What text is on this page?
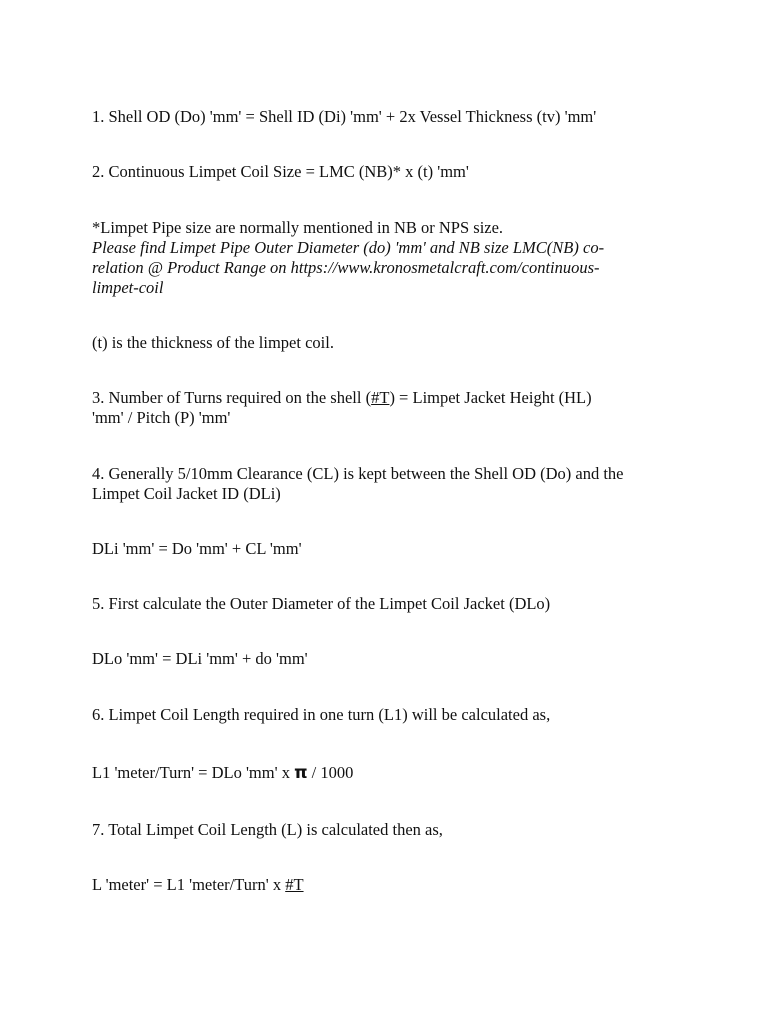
1. Shell OD (Do) 'mm' = Shell ID (Di) 'mm' + 2x Vessel Thickness (tv) 'mm'
2. Continuous Limpet Coil Size = LMC (NB)* x (t) 'mm'
*Limpet Pipe size are normally mentioned in NB or NPS size.
Please find Limpet Pipe Outer Diameter (do) 'mm' and NB size LMC(NB) co-
relation @ Product Range on https://www.kronosmetalcraft.com/continuous-
limpet-coil
(t) is the thickness of the limpet coil.
3. Number of Turns required on the shell (#T) = Limpet Jacket Height (HL)
'mm' / Pitch (P) 'mm'
4. Generally 5/10mm Clearance (CL) is kept between the Shell OD (Do) and the
Limpet Coil Jacket ID (DLi)
DLi 'mm' = Do 'mm' + CL 'mm'
5. First calculate the Outer Diameter of the Limpet Coil Jacket (DLo)
DLo 'mm' = DLi 'mm' + do 'mm'
6. Limpet Coil Length required in one turn (L1) will be calculated as,
L1 'meter/Turn' = DLo 'mm' x π / 1000
7. Total Limpet Coil Length (L) is calculated then as,
L 'meter' = L1 'meter/Turn' x #T
